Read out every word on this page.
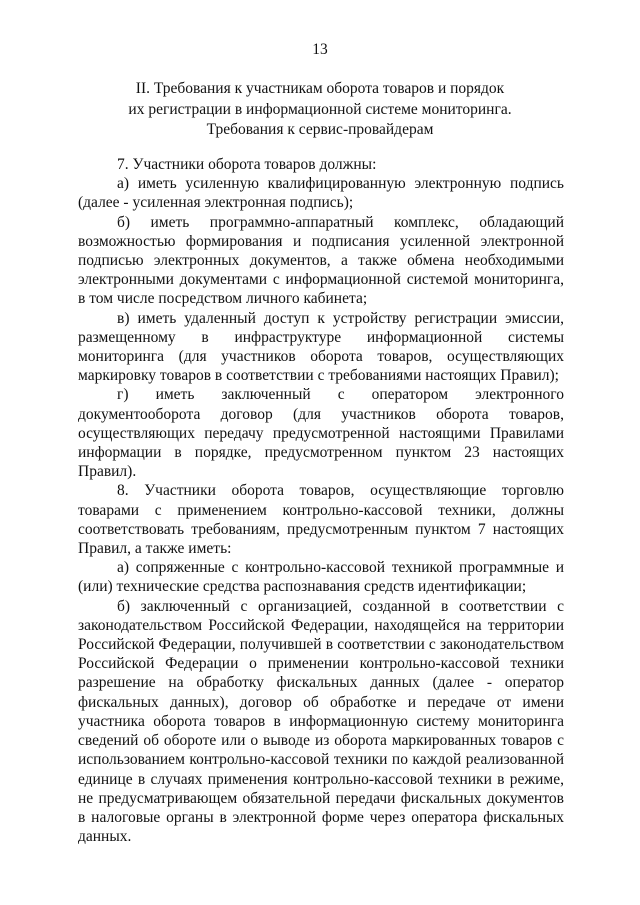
13
II. Требования к участникам оборота товаров и порядок
их регистрации в информационной системе мониторинга.
Требования к сервис-провайдерам

7. Участники оборота товаров должны:

а) иметь усиленную квалифицированную электронную подпись (далее - усиленная электронная подпись);

б) иметь программно-аппаратный комплекс, обладающий возможностью формирования и подписания усиленной электронной подписью электронных документов, а также обмена необходимыми электронными документами с информационной системой мониторинга, в том числе посредством личного кабинета;

в) иметь удаленный доступ к устройству регистрации эмиссии, размещенному в инфраструктуре информационной системы мониторинга (для участников оборота товаров, осуществляющих маркировку товаров в соответствии с требованиями настоящих Правил);

г) иметь заключенный с оператором электронного документооборота договор (для участников оборота товаров, осуществляющих передачу предусмотренной настоящими Правилами информации в порядке, предусмотренном пунктом 23 настоящих Правил).

8. Участники оборота товаров, осуществляющие торговлю товарами с применением контрольно-кассовой техники, должны соответствовать требованиям, предусмотренным пунктом 7 настоящих Правил, а также иметь:

а) сопряженные с контрольно-кассовой техникой программные и (или) технические средства распознавания средств идентификации;

б) заключенный с организацией, созданной в соответствии с законодательством Российской Федерации, находящейся на территории Российской Федерации, получившей в соответствии с законодательством Российской Федерации о применении контрольно-кассовой техники разрешение на обработку фискальных данных (далее - оператор фискальных данных), договор об обработке и передаче от имени участника оборота товаров в информационную систему мониторинга сведений об обороте или о выводе из оборота маркированных товаров с использованием контрольно-кассовой техники по каждой реализованной единице в случаях применения контрольно-кассовой техники в режиме, не предусматривающем обязательной передачи фискальных документов в налоговые органы в электронной форме через оператора фискальных данных.
